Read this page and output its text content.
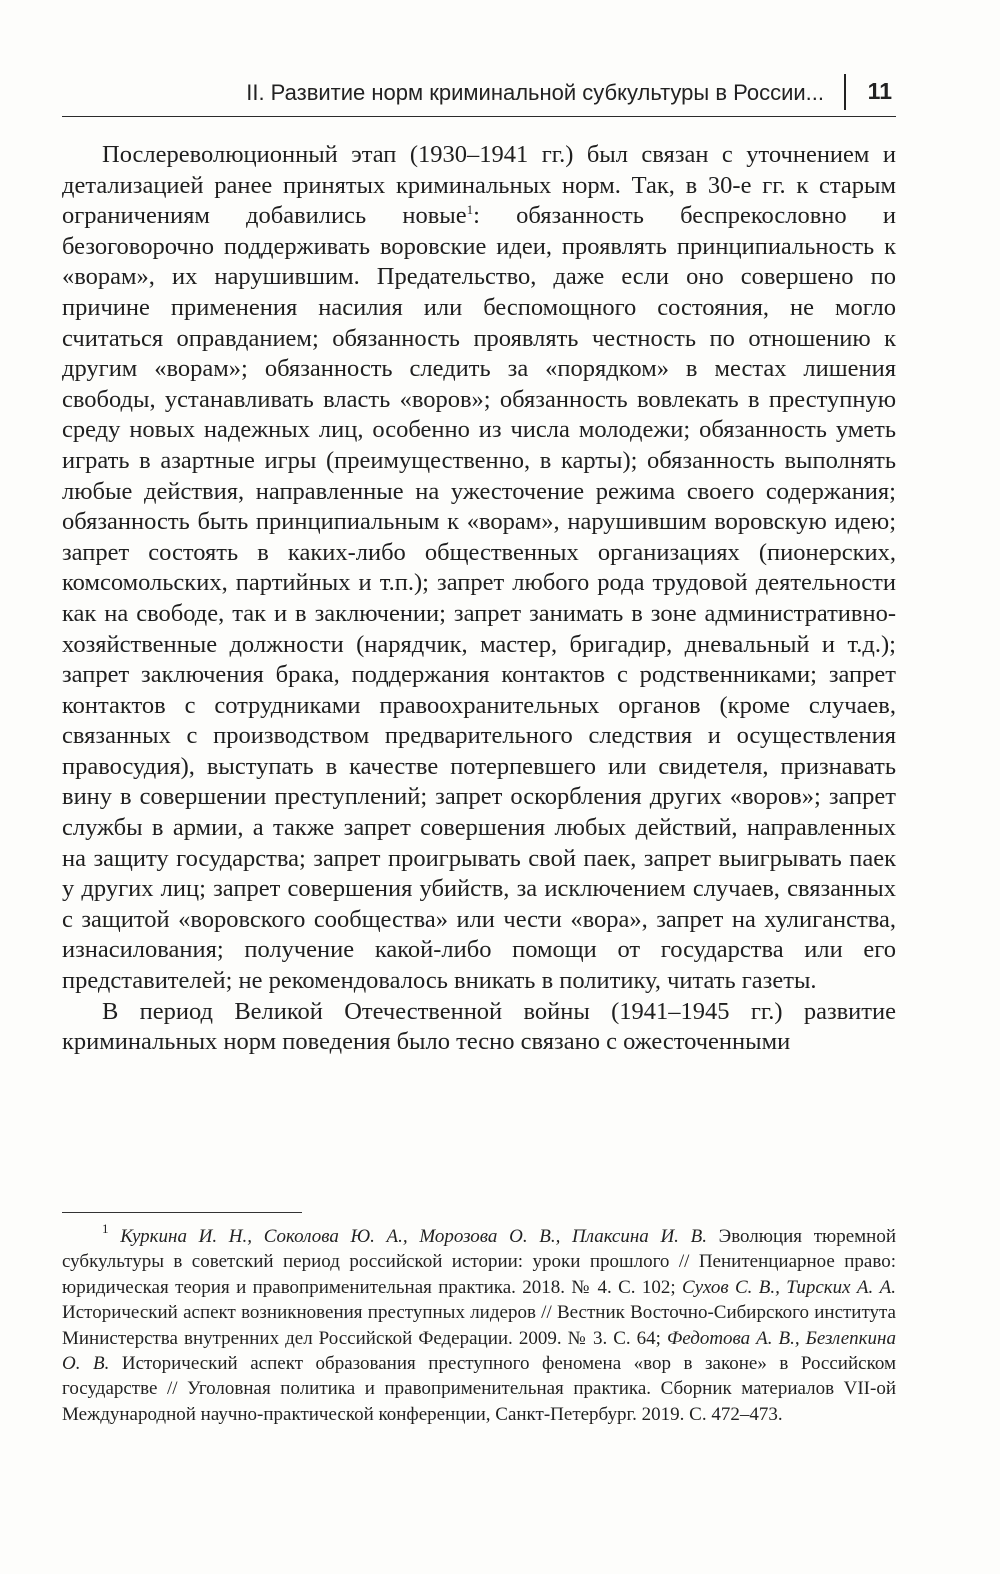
II. Развитие норм криминальной субкультуры в России... 11

Послереволюционный этап (1930–1941 гг.) был связан с уточнением и детализацией ранее принятых криминальных норм. Так, в 30-е гг. к старым ограничениям добавились новые$^1$: обязанность беспрекословно и безоговорочно поддерживать воровские идеи, проявлять принципиальность к «ворам», их нарушившим. Предательство, даже если оно совершено по причине применения насилия или беспомощного состояния, не могло считаться оправданием; обязанность проявлять честность по отношению к другим «ворам»; обязанность следить за «порядком» в местах лишения свободы, устанавливать власть «воров»; обязанность вовлекать в преступную среду новых надежных лиц, особенно из числа молодежи; обязанность уметь играть в азартные игры (преимущественно, в карты); обязанность выполнять любые действия, направленные на ужесточение режима своего содержания; обязанность быть принципиальным к «ворам», нарушившим воровскую идею; запрет состоять в каких-либо общественных организациях (пионерских, комсомольских, партийных и т.п.); запрет любого рода трудовой деятельности как на свободе, так и в заключении; запрет занимать в зоне административно-хозяйственные должности (нарядчик, мастер, бригадир, дневальный и т.д.); запрет заключения брака, поддержания контактов с родственниками; запрет контактов с сотрудниками правоохранительных органов (кроме случаев, связанных с производством предварительного следствия и осуществления правосудия), выступать в качестве потерпевшего или свидетеля, признавать вину в совершении преступлений; запрет оскорбления других «воров»; запрет службы в армии, а также запрет совершения любых действий, направленных на защиту государства; запрет проигрывать свой паек, запрет выигрывать паек у других лиц; запрет совершения убийств, за исключением случаев, связанных с защитой «воровского сообщества» или чести «вора», запрет на хулиганства, изнасилования; получение какой-либо помощи от государства или его представителей; не рекомендовалось вникать в политику, читать газеты.

В период Великой Отечественной войны (1941–1945 гг.) развитие криминальных норм поведения было тесно связано с ожесточенными

$^1$ Куркина И. Н., Соколова Ю. А., Морозова О. В., Плаксина И. В. Эволюция тюремной субкультуры в советский период российской истории: уроки прошлого // Пенитенциарное право: юридическая теория и правоприменительная практика. 2018. № 4. С. 102; Сухов С. В., Тирских А. А. Исторический аспект возникновения преступных лидеров // Вестник Восточно-Сибирского института Министерства внутренних дел Российской Федерации. 2009. № 3. С. 64; Федотова А. В., Безлепкина О. В. Исторический аспект образования преступного феномена «вор в законе» в Российском государстве // Уголовная политика и правоприменительная практика. Сборник материалов VII-ой Международной научно-практической конференции, Санкт-Петербург. 2019. С. 472–473.
